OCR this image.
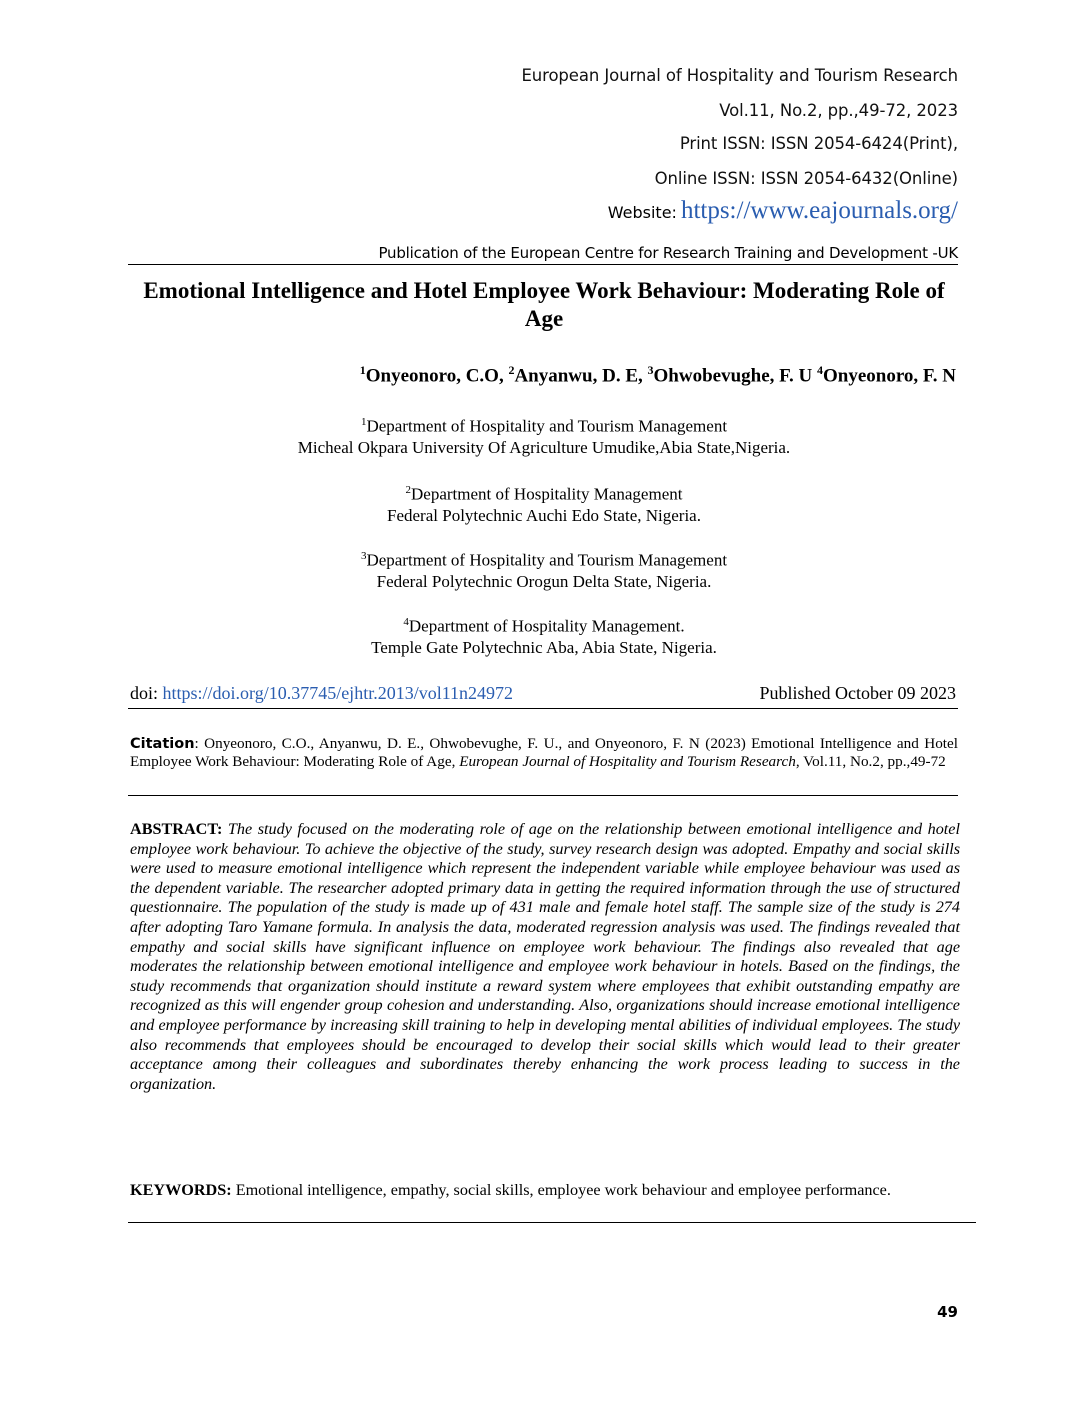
European Journal of Hospitality and Tourism Research
Vol.11, No.2, pp.,49-72, 2023
Print ISSN: ISSN 2054-6424(Print),
Online ISSN: ISSN 2054-6432(Online)
Website: https://www.eajournals.org/
Publication of the European Centre for Research Training and Development -UK
Emotional Intelligence and Hotel Employee Work Behaviour: Moderating Role of Age
$^1$Onyeonoro, C.O, $^2$Anyanwu, D. E, $^3$Ohwobevughe, F. U $^4$Onyeonoro, F. N
$^1$Department of Hospitality and Tourism Management
Micheal Okpara University Of Agriculture Umudike,Abia State,Nigeria.
$^2$Department of Hospitality Management
Federal Polytechnic Auchi Edo State, Nigeria.
$^3$Department of Hospitality and Tourism Management
Federal Polytechnic Orogun Delta State, Nigeria.
$^4$Department of Hospitality Management.
Temple Gate Polytechnic Aba, Abia State, Nigeria.
doi: https://doi.org/10.37745/ejhtr.2013/vol11n24972	Published October 09 2023
Citation: Onyeonoro, C.O., Anyanwu, D. E., Ohwobevughe, F. U., and Onyeonoro, F. N (2023) Emotional Intelligence and Hotel Employee Work Behaviour: Moderating Role of Age, European Journal of Hospitality and Tourism Research, Vol.11, No.2, pp.,49-72
ABSTRACT: The study focused on the moderating role of age on the relationship between emotional intelligence and hotel employee work behaviour. To achieve the objective of the study, survey research design was adopted. Empathy and social skills were used to measure emotional intelligence which represent the independent variable while employee behaviour was used as the dependent variable. The researcher adopted primary data in getting the required information through the use of structured questionnaire. The population of the study is made up of 431 male and female hotel staff. The sample size of the study is 274 after adopting Taro Yamane formula. In analysis the data, moderated regression analysis was used. The findings revealed that empathy and social skills have significant influence on employee work behaviour. The findings also revealed that age moderates the relationship between emotional intelligence and employee work behaviour in hotels. Based on the findings, the study recommends that organization should institute a reward system where employees that exhibit outstanding empathy are recognized as this will engender group cohesion and understanding. Also, organizations should increase emotional intelligence and employee performance by increasing skill training to help in developing mental abilities of individual employees. The study also recommends that employees should be encouraged to develop their social skills which would lead to their greater acceptance among their colleagues and subordinates thereby enhancing the work process leading to success in the organization.
KEYWORDS: Emotional intelligence, empathy, social skills, employee work behaviour and employee performance.
49
